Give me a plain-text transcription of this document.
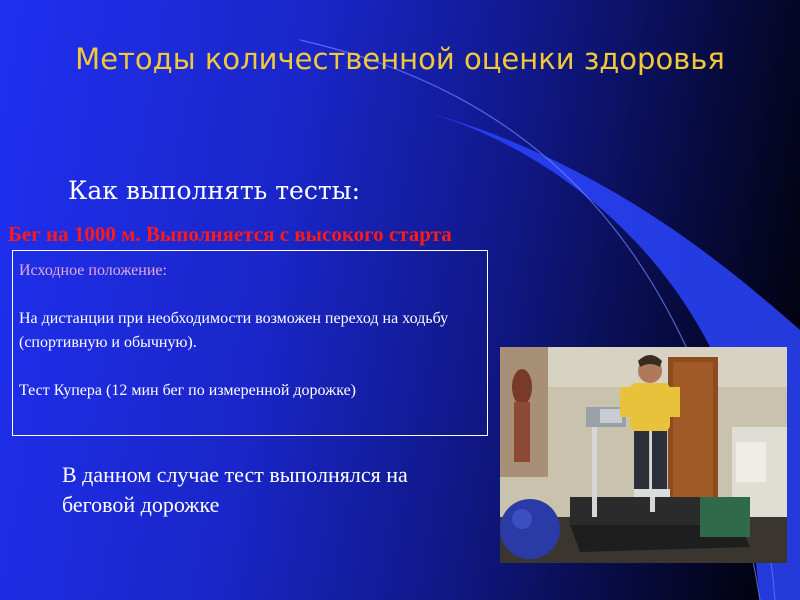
Методы количественной оценки здоровья

Как выполнять тесты:

Бег на 1000 м. Выполняется с высокого старта

Исходное положение:
На дистанции при необходимости возможен переход на ходьбу (спортивную и обычную).
Тест Купера (12 мин бег по измеренной дорожке)
В данном случае тест выполнялся на беговой дорожке
